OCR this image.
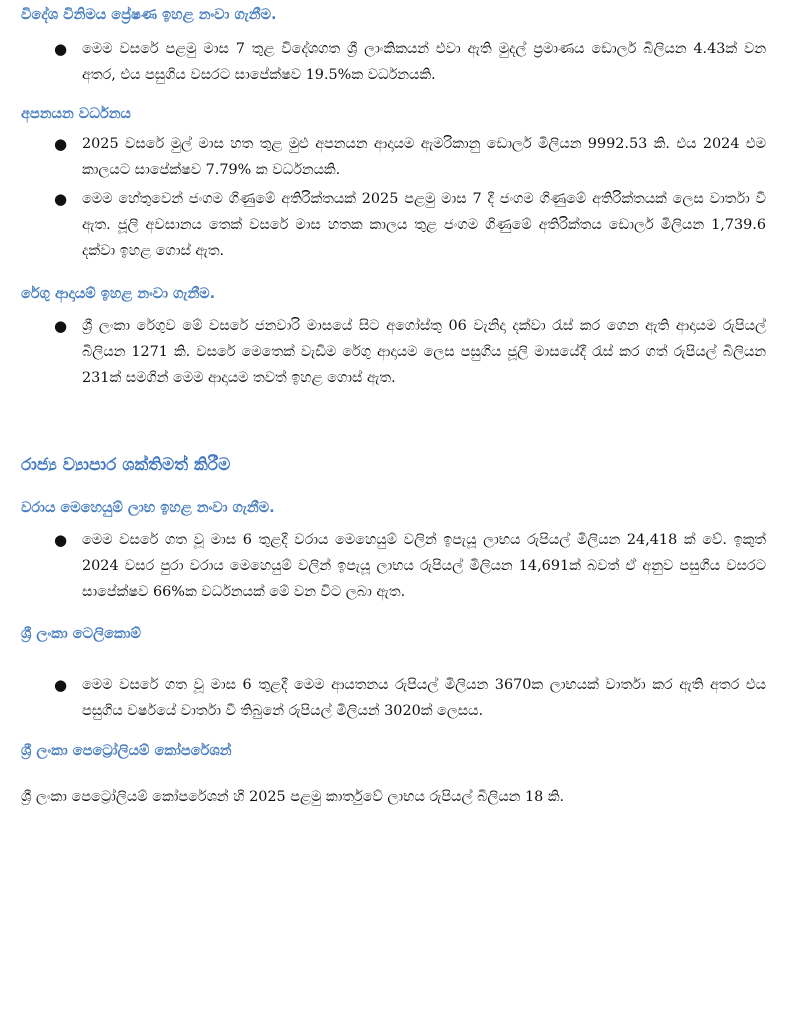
විදේශ විනිමය ප්‍රේෂණ ඉහළ නංවා ගැනීම.
● මෙම වසරේ පළමු මාස 7 තුළ විදේශගත ශ්‍රී ලාංකිකයන් එවා ඇති මුදල් ප්‍රමාණය ඩොලර් බිලියන 4.43ක් වන අතර, එය පසුගිය වසරට සාපේක්ෂව 19.5%ක වර්ධනයකි.
අපනයන වර්ධනය
● 2025 වසරේ මුල් මාස හත තුළ මුළු අපනයන ආදායම ඇමරිකානු ඩොලර් මිලියන 9992.53 කි. එය 2024 එම කාලයට සාපේක්ෂව 7.79% ක වර්ධනයකි.
● මෙම හේතුවෙන් ජංගම ගිණුමේ අතිරික්තයක් 2025 පළමු මාස 7 දී ජංගම ගිණුමේ අතිරික්තයක් ලෙස වාර්තා වී ඇත. ජූලි අවසානය තෙක් වසරේ මාස හතක කාලය තුළ ජංගම ගිණුමේ අතිරික්තය ඩොලර් මිලියන 1,739.6 දක්වා ඉහළ ගොස් ඇත.
රේගු ආදායම් ඉහළ නංවා ගැනීම.
● ශ්‍රී ලංකා රේගුව මේ වසරේ ජනවාරි මාසයේ සිට අගෝස්තු 06 වැනිදා දක්වා රැස් කර ගෙන ඇති ආදායම රුපියල් බිලියන 1271 කි. වසරේ මෙතෙක් වැඩිම රේගු ආදායම ලෙස පසුගිය ජූලි මාසයේදී රැස් කර ගත් රුපියල් බිලියන 231ක් සමගින් මෙම ආදායම තවත් ඉහළ ගොස් ඇත.
රාජ්‍ය ව්‍යාපාර ශක්තිමත් කිරීම
වරාය මෙහෙයුම් ලාභ ඉහළ නංවා ගැනීම.
● මෙම වසරේ ගත වූ මාස 6 තුළදී වරාය මෙහෙයුම් වලින් ඉපැයූ ලාභය රුපියල් මිලියන 24,418 ක් වේ. ඉකුත් 2024 වසර පුරා වරාය මෙහෙයුම් වලින් ඉපැයූ ලාභය රුපියල් මිලියන 14,691ක් බවත් ඒ අනුව පසුගිය වසරට සාපේක්ෂව 66%ක වර්ධනයක් මේ වන විට ලබා ඇත.
ශ්‍රී ලංකා ටෙලිකොම්
● මෙම වසරේ ගත වූ මාස 6 තුළදී මෙම ආයතනය රුපියල් මිලියන 3670ක ලාභයක් වාර්තා කර ඇති අතර එය පසුගිය වර්ෂයේ වාර්තා වී තිබුනේ රුපියල් මිලියන් 3020ක් ලෙසය.
ශ්‍රී ලංකා පෙට්‍රෝලියම් කෝපරේශන්
ශ්‍රී ලංකා පෙට්‍රෝලියම් කෝපරේශන් හි 2025 පළමු කාර්තුවේ ලාභය රුපියල් බිලියන 18 කි.
